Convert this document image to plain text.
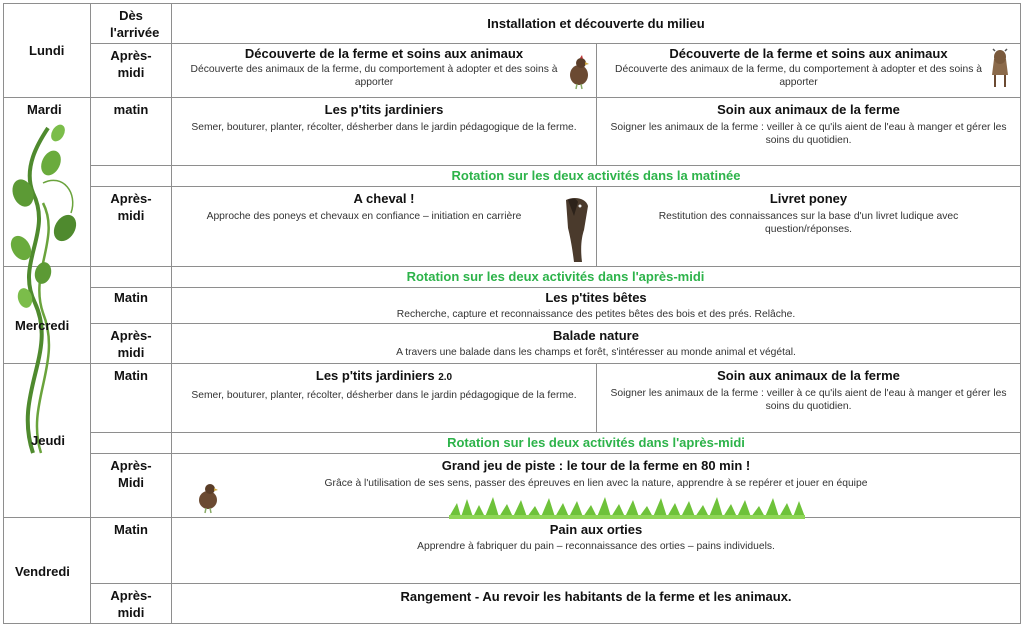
Lundi
Mardi
Mercredi
Jeudi
Vendredi
Dès l'arrivée
Après-midi
matin
Après-midi
Matin
Après-midi
Matin
Après-Midi
Matin
Après-midi
Installation et découverte du milieu
Découverte de la ferme et soins aux animaux
Découverte des animaux de la ferme, du comportement à adopter et des soins à apporter
Découverte de la ferme et soins aux animaux
Découverte des animaux de la ferme, du comportement à adopter et des soins à apporter
Les p'tits jardiniers
Semer, bouturer, planter, récolter, désherber dans le jardin pédagogique de la ferme.
Soin aux animaux de la ferme
Soigner les animaux de la ferme : veiller à ce qu'ils aient de l'eau à manger et gérer les soins du quotidien.
Rotation sur les deux activités dans la matinée
A cheval !
Approche des poneys et chevaux en confiance – initiation en carrière
Livret poney
Restitution des connaissances sur la base d'un livret ludique avec question/réponses.
Rotation sur les deux activités dans l'après-midi
Les p'tites bêtes
Recherche, capture et reconnaissance des petites bêtes des bois et des prés. Relâche.
Balade nature
A travers une balade dans les champs et forêt, s'intéresser au monde animal et végétal.
Les p'tits jardiniers 2.0
Semer, bouturer, planter, récolter, désherber dans le jardin pédagogique de la ferme.
Soin aux animaux de la ferme
Soigner les animaux de la ferme : veiller à ce qu'ils aient de l'eau à manger et gérer les soins du quotidien.
Rotation sur les deux activités dans l'après-midi
Grand jeu de piste : le tour de la ferme en 80 min !
Grâce à l'utilisation de ses sens, passer des épreuves en lien avec la nature, apprendre à se repérer et jouer en équipe
Pain aux orties
Apprendre à fabriquer du pain – reconnaissance des orties – pains individuels.
Rangement - Au revoir les habitants de la ferme et les animaux.
